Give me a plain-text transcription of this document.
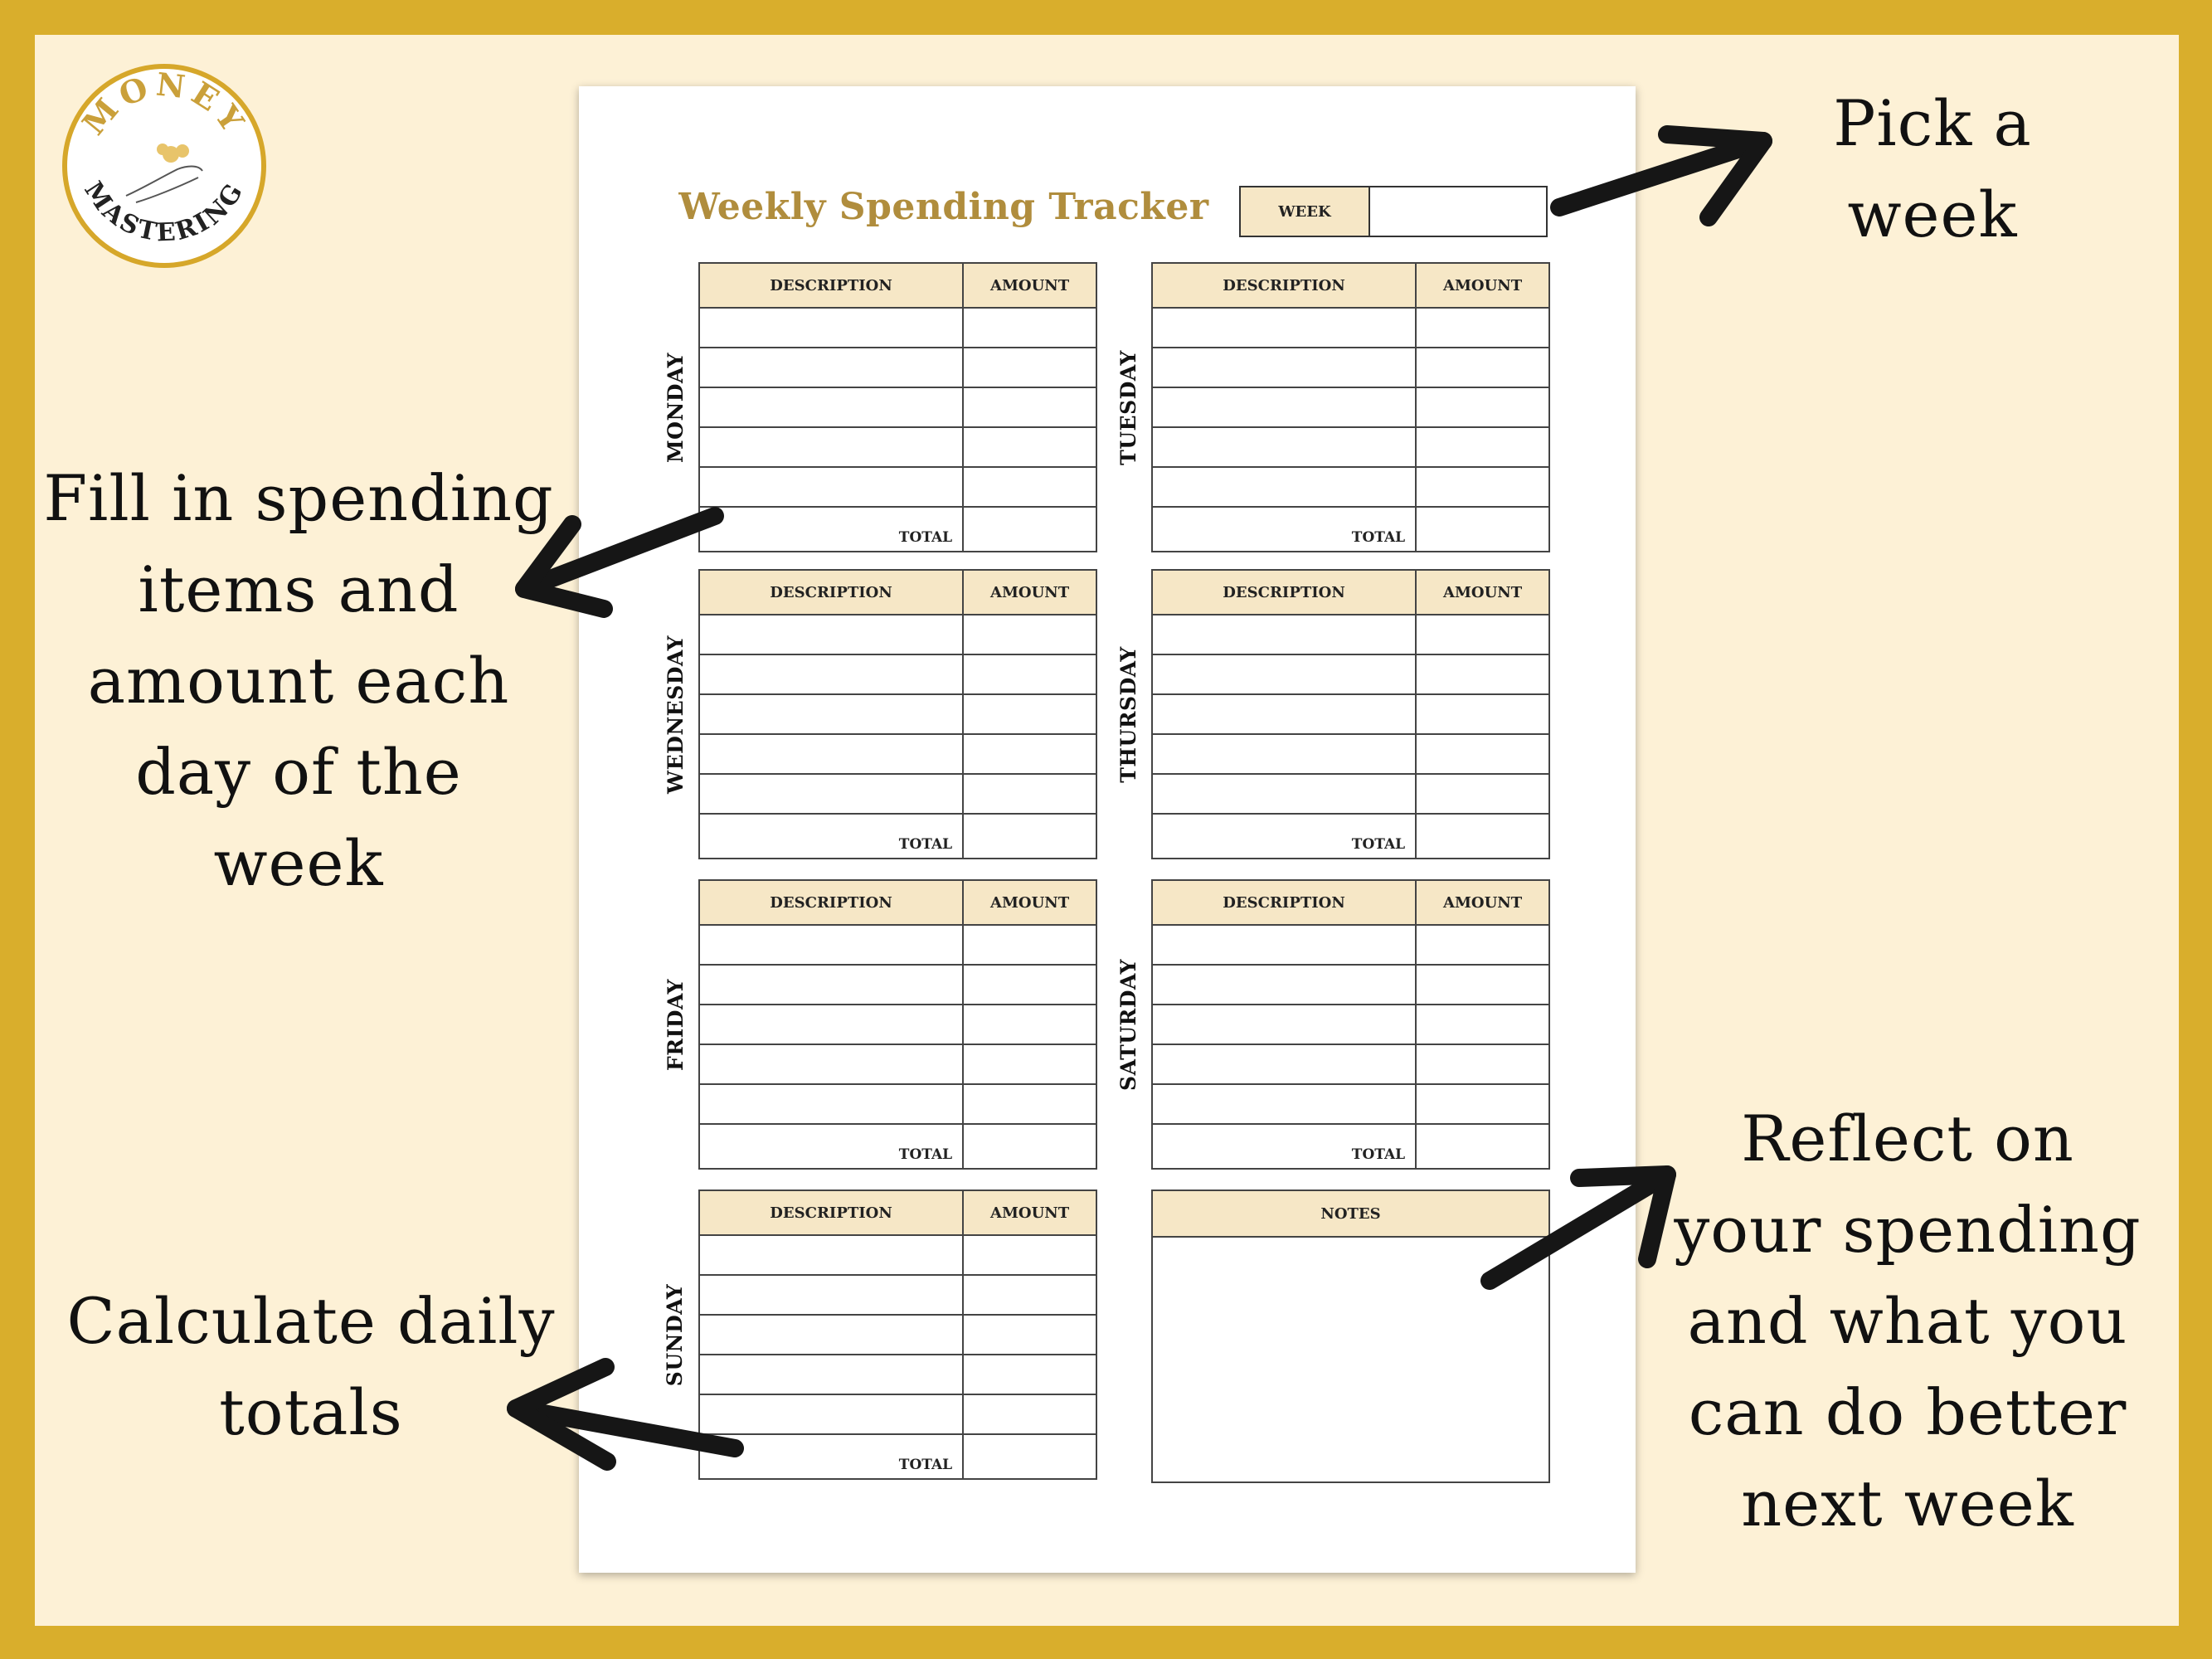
MONEY
MASTERING
Pick a
week
Fill in spending
items and
amount each
day of the
week
Calculate daily
totals
Reflect on
your spending
and what you
can do better
next week
Weekly Spending Tracker	WEEK
MONDAY
DESCRIPTION	AMOUNT

TOTAL	
WEDNESDAY
DESCRIPTION	AMOUNT

TOTAL	
FRIDAY
DESCRIPTION	AMOUNT

TOTAL	
SUNDAY
DESCRIPTION	AMOUNT

TOTAL	
TUESDAY
DESCRIPTION	AMOUNT

TOTAL	
THURSDAY
DESCRIPTION	AMOUNT

TOTAL	
SATURDAY
DESCRIPTION	AMOUNT

TOTAL	
NOTES
